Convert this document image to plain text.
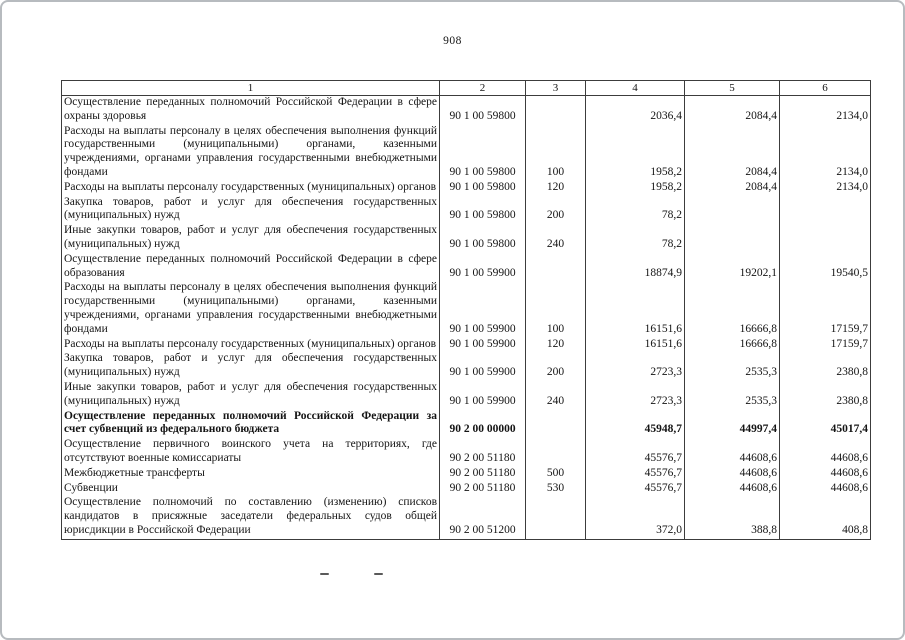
908
1	2	3	4	5	6
Осуществление переданных полномочий Российской Федерации в сфере охраны здоровья	90 1 00 59800		2036,4	2084,4	2134,0
Расходы на выплаты персоналу в целях обеспечения выполнения функций государственными (муниципальными) органами, казенными учреждениями, органами управления государственными внебюджетными фондами	90 1 00 59800	100	1958,2	2084,4	2134,0
Расходы на выплаты персоналу государственных (муниципальных) органов	90 1 00 59800	120	1958,2	2084,4	2134,0
Закупка товаров, работ и услуг для обеспечения государственных (муниципальных) нужд	90 1 00 59800	200	78,2		
Иные закупки товаров, работ и услуг для обеспечения государственных (муниципальных) нужд	90 1 00 59800	240	78,2		
Осуществление переданных полномочий Российской Федерации в сфере образования	90 1 00 59900		18874,9	19202,1	19540,5
Расходы на выплаты персоналу в целях обеспечения выполнения функций государственными (муниципальными) органами, казенными учреждениями, органами управления государственными внебюджетными фондами	90 1 00 59900	100	16151,6	16666,8	17159,7
Расходы на выплаты персоналу государственных (муниципальных) органов	90 1 00 59900	120	16151,6	16666,8	17159,7
Закупка товаров, работ и услуг для обеспечения государственных (муниципальных) нужд	90 1 00 59900	200	2723,3	2535,3	2380,8
Иные закупки товаров, работ и услуг для обеспечения государственных (муниципальных) нужд	90 1 00 59900	240	2723,3	2535,3	2380,8
Осуществление переданных полномочий Российской Федерации за счет субвенций из федерального бюджета	90 2 00 00000		45948,7	44997,4	45017,4
Осуществление первичного воинского учета на территориях, где отсутствуют военные комиссариаты	90 2 00 51180		45576,7	44608,6	44608,6
Межбюджетные трансферты	90 2 00 51180	500	45576,7	44608,6	44608,6
Субвенции	90 2 00 51180	530	45576,7	44608,6	44608,6
Осуществление полномочий по составлению (изменению) списков кандидатов в присяжные заседатели федеральных судов общей юрисдикции в Российской Федерации	90 2 00 51200		372,0	388,8	408,8
